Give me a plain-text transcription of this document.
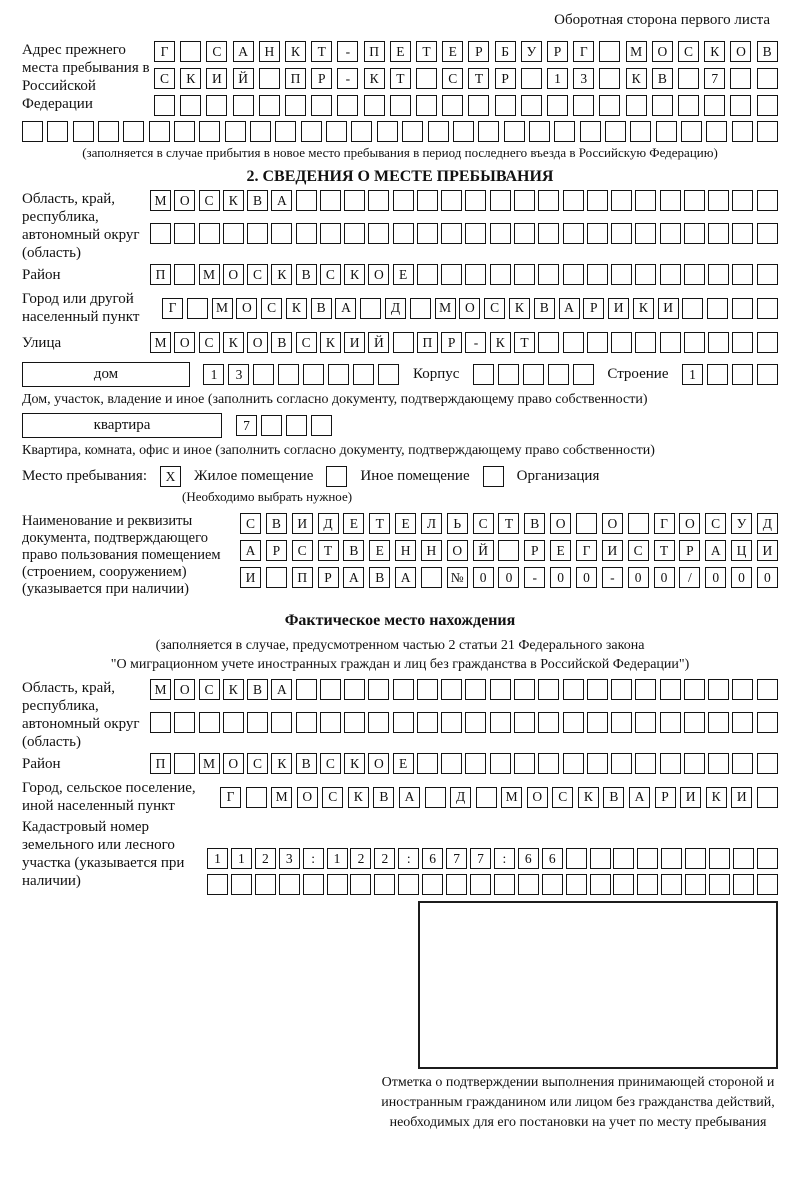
Оборотная сторона первого листа
Адрес прежнего места пребывания в Российской Федерации
Г	С	А	Н	К	Т	-	П	Е	Т	Е	Р	Б	У	Р	Г	М	О	С	К	О	В
С	К	И	Й	П	Р	-	К	Т	С	Т	Р	1	3	К	В	7
(заполняется в случае прибытия в новое место пребывания в период последнего въезда в Российскую Федерацию)
2. СВЕДЕНИЯ О МЕСТЕ ПРЕБЫВАНИЯ
Область, край, республика, автономный округ (область)
М О	С	К	В	А
Район	П	М О	С	К	В	С	К	О	Е
Город или другой населенный пункт
Г	М	О	С	К	В	А	Д	М	О	С	К	В	А	Р	И	К	И
Улица	М О	С	К	О	В	С	К	И	Й	П	Р	-	К	Т
дом	1	3	Корпус	Строение	1
Дом, участок, владение и иное (заполнить согласно документу, подтверждающему право собственности)
квартира	7
Квартира, комната, офис и иное (заполнить согласно документу, подтверждающему право собственности)
Место пребывания:	X	Жилое помещение	Иное помещение	Организация
(Необходимо выбрать нужное)
Наименование и реквизиты документа, подтверждающего право пользования помещением (строением, сооружением) (указывается при наличии)
С	В	И	Д	Е	Т	Е	Л	Ь	С	Т	В	О	О	Г	О	С	У	Д
А	Р	С	Т	В	Е	Н	Н	О	Й	Р	Е	Г	И	С	Т	Р	А	Ц	И
И	П	Р	А	В	А	№	0	0	-	0	0	-	0	0	/	0	0	0
Фактическое место нахождения
(заполняется в случае, предусмотренном частью 2 статьи 21 Федерального закона
"О миграционном учете иностранных граждан и лиц без гражданства в Российской Федерации")
Область, край, республика, автономный округ (область)
М О	С	К	В	А
Район	П	М О	С	К	В	С	К	О	Е
Город, сельское поселение, иной населенный пункт
Г	М	О	С	К	В	А	Д	М	О	С	К	В	А	Р	И	К	И
Кадастровый номер земельного или лесного участка (указывается при наличии)
1	1	2	3	:	1	2	2	:	6	7	7	:	6	6
Отметка о подтверждении выполнения принимающей стороной и иностранным гражданином или лицом без гражданства действий, необходимых для его постановки на учет по месту пребывания
